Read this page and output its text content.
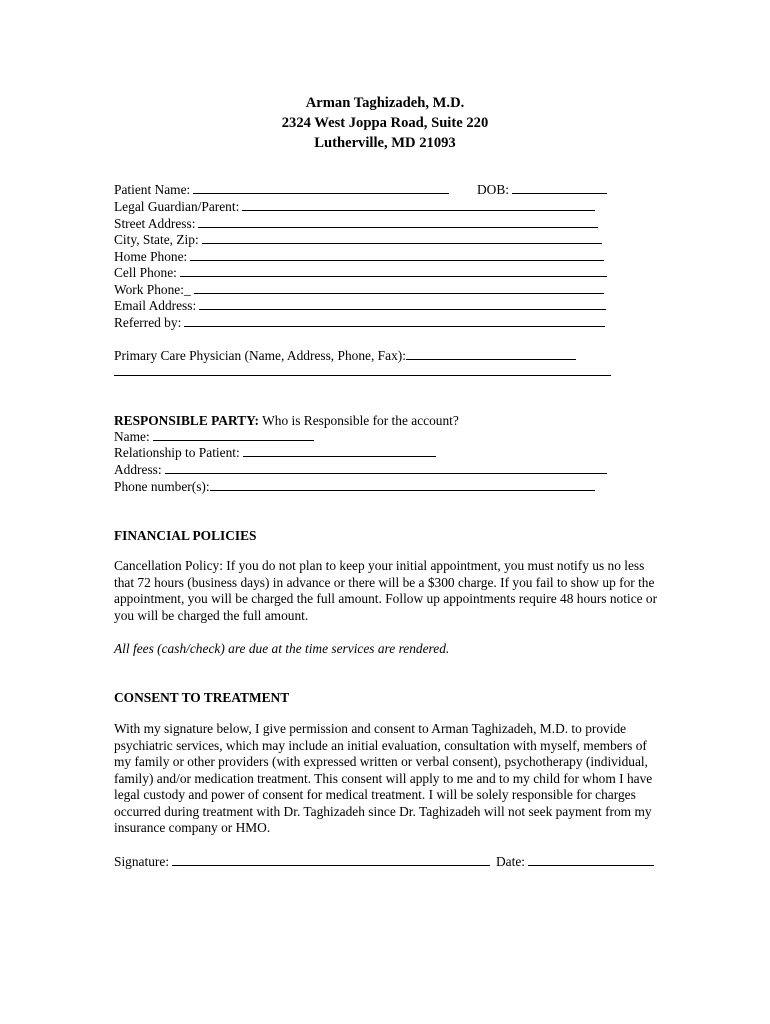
Arman Taghizadeh, M.D.
2324 West Joppa Road, Suite 220
Lutherville, MD 21093
Patient Name:	DOB:
Legal Guardian/Parent:
Street Address:
City, State, Zip:
Home Phone:
Cell Phone:
Work Phone:_
Email Address:
Referred by:
Primary Care Physician (Name, Address, Phone, Fax):
RESPONSIBLE PARTY: Who is Responsible for the account?
Name:
Relationship to Patient:
Address:
Phone number(s):
FINANCIAL POLICIES
Cancellation Policy: If you do not plan to keep your initial appointment, you must notify us no less that 72 hours (business days) in advance or there will be a $300 charge. If you fail to show up for the appointment, you will be charged the full amount. Follow up appointments require 48 hours notice or you will be charged the full amount.
All fees (cash/check) are due at the time services are rendered.
CONSENT TO TREATMENT
With my signature below, I give permission and consent to Arman Taghizadeh, M.D. to provide psychiatric services, which may include an initial evaluation, consultation with myself, members of my family or other providers (with expressed written or verbal consent), psychotherapy (individual, family) and/or medication treatment. This consent will apply to me and to my child for whom I have legal custody and power of consent for medical treatment. I will be solely responsible for charges occurred during treatment with Dr. Taghizadeh since Dr. Taghizadeh will not seek payment from my insurance company or HMO.
Signature:	Date:
